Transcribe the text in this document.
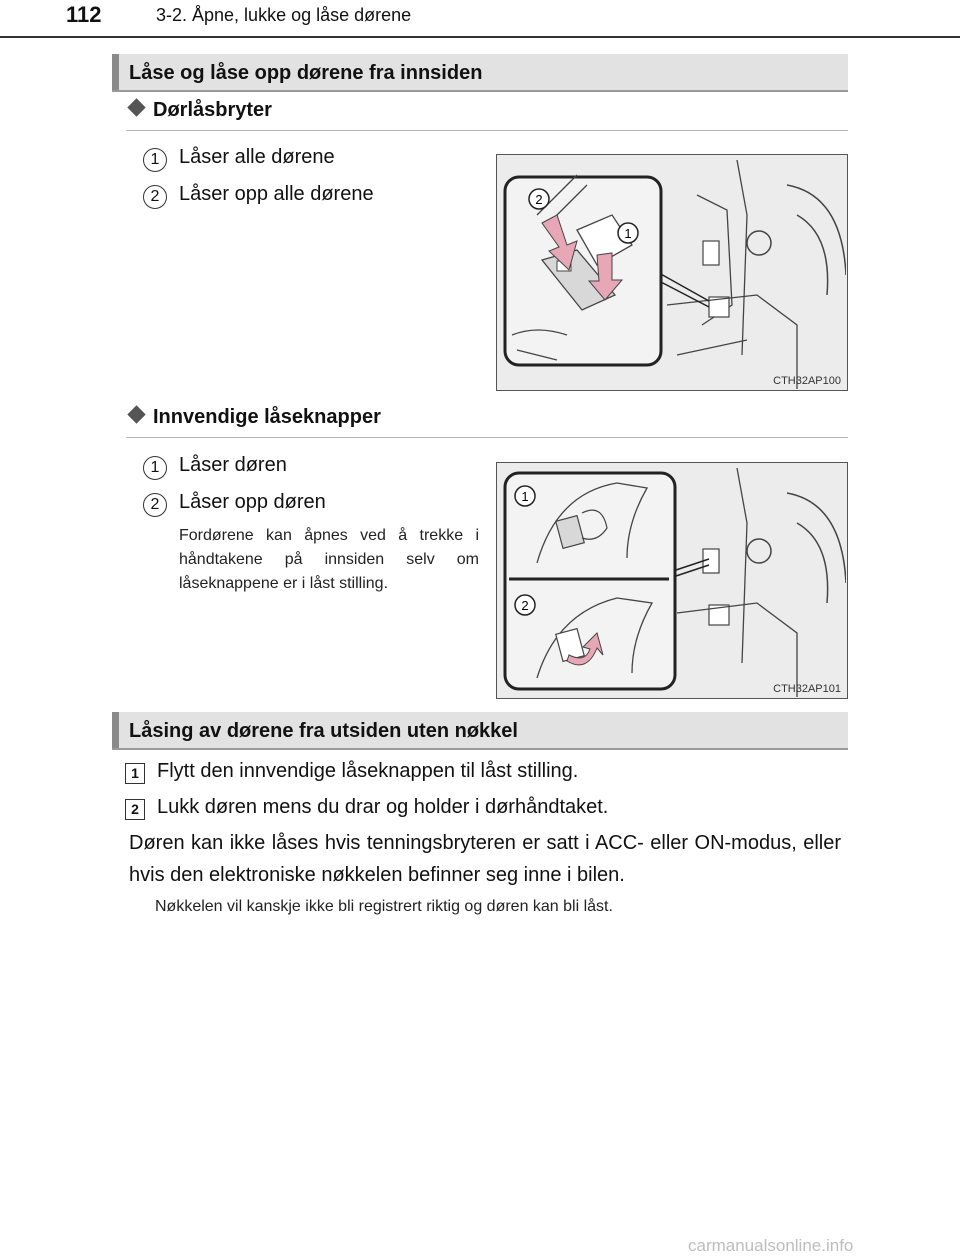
112	3-2. Åpne, lukke og låse dørene
Låse og låse opp dørene fra innsiden
Dørlåsbryter
1 Låser alle dørene
2 Låser opp alle dørene	2
1
CTH32AP100
Innvendige låseknapper
1 Låser døren
2 Låser opp døren
Fordørene kan åpnes ved å trekke i håndtakene på innsiden selv om låseknappene er i låst stilling.
1
2
CTH32AP101
Låsing av dørene fra utsiden uten nøkkel
1 Flytt den innvendige låseknappen til låst stilling.
2 Lukk døren mens du drar og holder i dørhåndtaket.
Døren kan ikke låses hvis tenningsbryteren er satt i ACC- eller ON-modus, eller hvis den elektroniske nøkkelen befinner seg inne i bilen.
Nøkkelen vil kanskje ikke bli registrert riktig og døren kan bli låst.
carmanualsonline.info
